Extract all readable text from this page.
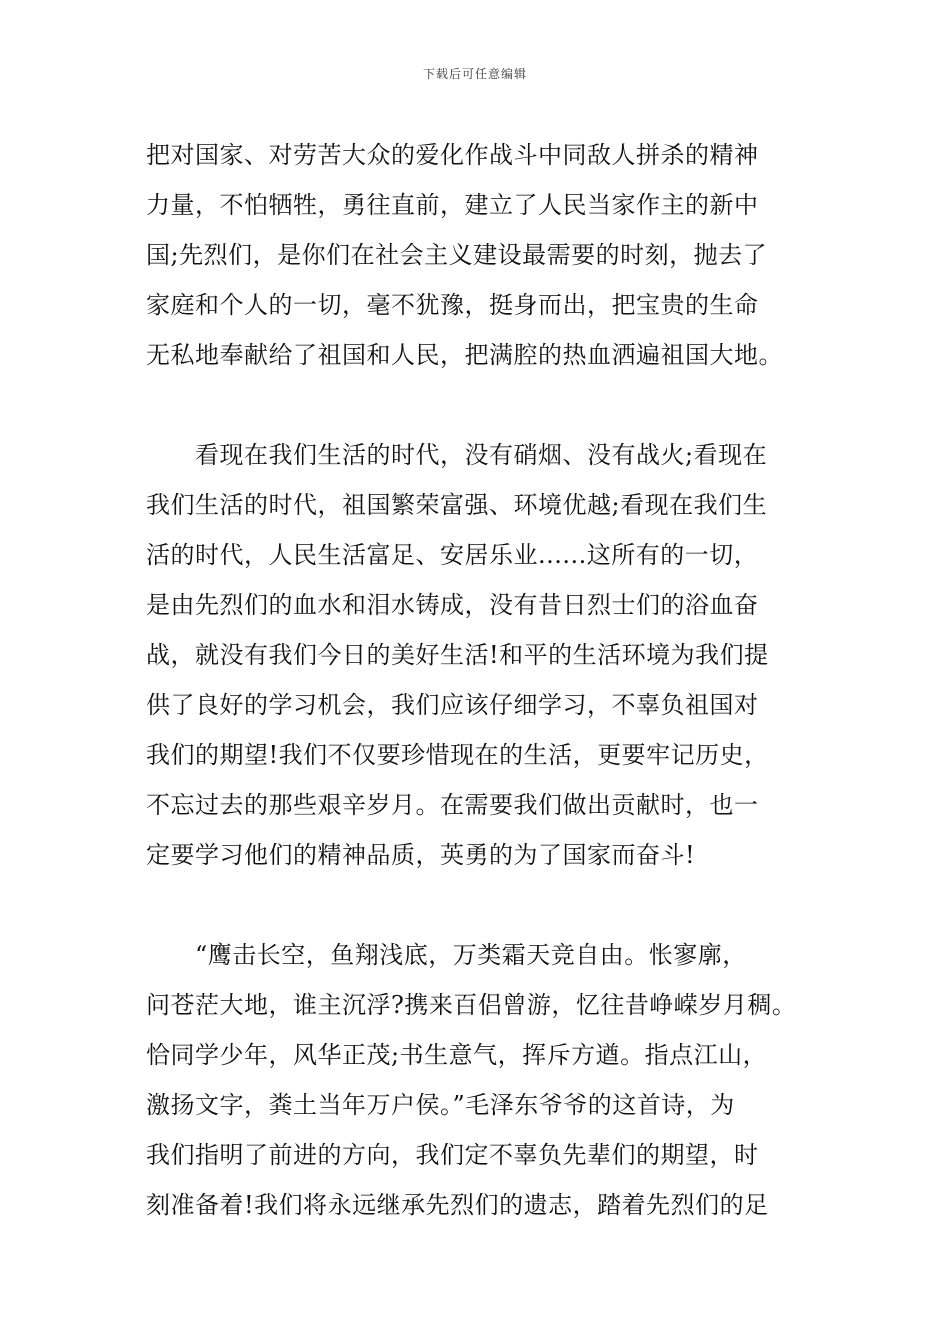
下载后可任意编辑
把对国家、对劳苦大众的爱化作战斗中同敌人拼杀的精神
力量，不怕牺牲，勇往直前，建立了人民当家作主的新中
国;先烈们，是你们在社会主义建设最需要的时刻，抛去了
家庭和个人的一切，毫不犹豫，挺身而出，把宝贵的生命
无私地奉献给了祖国和人民，把满腔的热血洒遍祖国大地。
　　看现在我们生活的时代，没有硝烟、没有战火;看现在
我们生活的时代，祖国繁荣富强、环境优越;看现在我们生
活的时代，人民生活富足、安居乐业......这所有的一切，
是由先烈们的血水和泪水铸成，没有昔日烈士们的浴血奋
战，就没有我们今日的美好生活!和平的生活环境为我们提
供了良好的学习机会，我们应该仔细学习，不辜负祖国对
我们的期望!我们不仅要珍惜现在的生活，更要牢记历史，
不忘过去的那些艰辛岁月。在需要我们做出贡献时，也一
定要学习他们的精神品质，英勇的为了国家而奋斗!
　　“鹰击长空，鱼翔浅底，万类霜天竞自由。怅寥廓，
问苍茫大地，谁主沉浮?携来百侣曾游，忆往昔峥嵘岁月稠。
恰同学少年，风华正茂;书生意气，挥斥方遒。指点江山，
激扬文字，粪土当年万户侯。”毛泽东爷爷的这首诗，为
我们指明了前进的方向，我们定不辜负先辈们的期望，时
刻准备着!我们将永远继承先烈们的遗志，踏着先烈们的足
